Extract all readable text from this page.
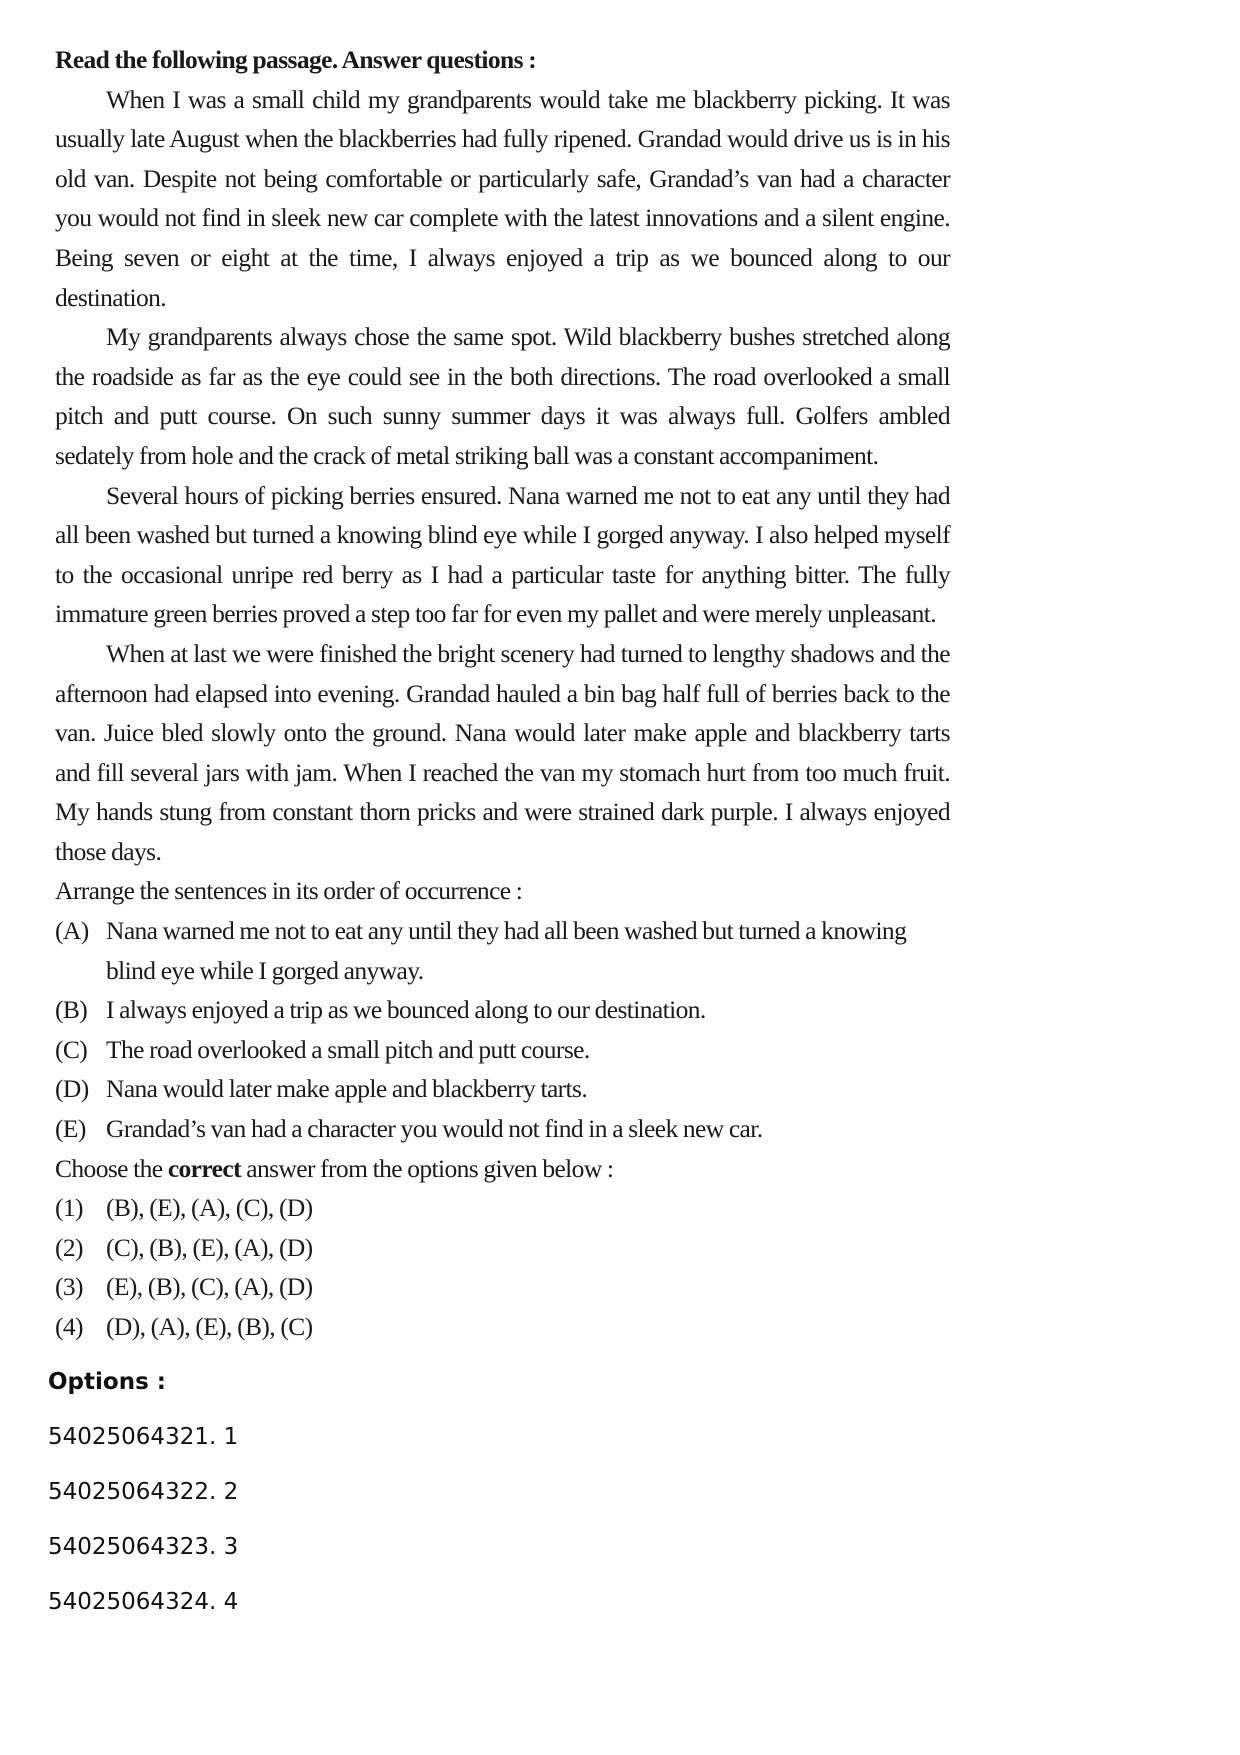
Read the following passage. Answer questions :

When I was a small child my grandparents would take me blackberry picking. It was usually late August when the blackberries had fully ripened. Grandad would drive us is in his old van. Despite not being comfortable or particularly safe, Grandad’s van had a character you would not find in sleek new car complete with the latest innovations and a silent engine. Being seven or eight at the time, I always enjoyed a trip as we bounced along to our destination.

My grandparents always chose the same spot. Wild blackberry bushes stretched along the roadside as far as the eye could see in the both directions. The road overlooked a small pitch and putt course. On such sunny summer days it was always full. Golfers ambled sedately from hole and the crack of metal striking ball was a constant accompaniment.

Several hours of picking berries ensured. Nana warned me not to eat any until they had all been washed but turned a knowing blind eye while I gorged anyway. I also helped myself to the occasional unripe red berry as I had a particular taste for anything bitter. The fully immature green berries proved a step too far for even my pallet and were merely unpleasant.

When at last we were finished the bright scenery had turned to lengthy shadows and the afternoon had elapsed into evening. Grandad hauled a bin bag half full of berries back to the van. Juice bled slowly onto the ground. Nana would later make apple and blackberry tarts and fill several jars with jam. When I reached the van my stomach hurt from too much fruit. My hands stung from constant thorn pricks and were strained dark purple. I always enjoyed those days.

Arrange the sentences in its order of occurrence :

(A) Nana warned me not to eat any until they had all been washed but turned a knowing blind eye while I gorged anyway.
(B) I always enjoyed a trip as we bounced along to our destination.
(C) The road overlooked a small pitch and putt course.
(D) Nana would later make apple and blackberry tarts.
(E) Grandad’s van had a character you would not find in a sleek new car.

Choose the correct answer from the options given below :

(1) (B), (E), (A), (C), (D)
(2) (C), (B), (E), (A), (D)
(3) (E), (B), (C), (A), (D)
(4) (D), (A), (E), (B), (C)

Options :

54025064321. 1

54025064322. 2

54025064323. 3

54025064324. 4
